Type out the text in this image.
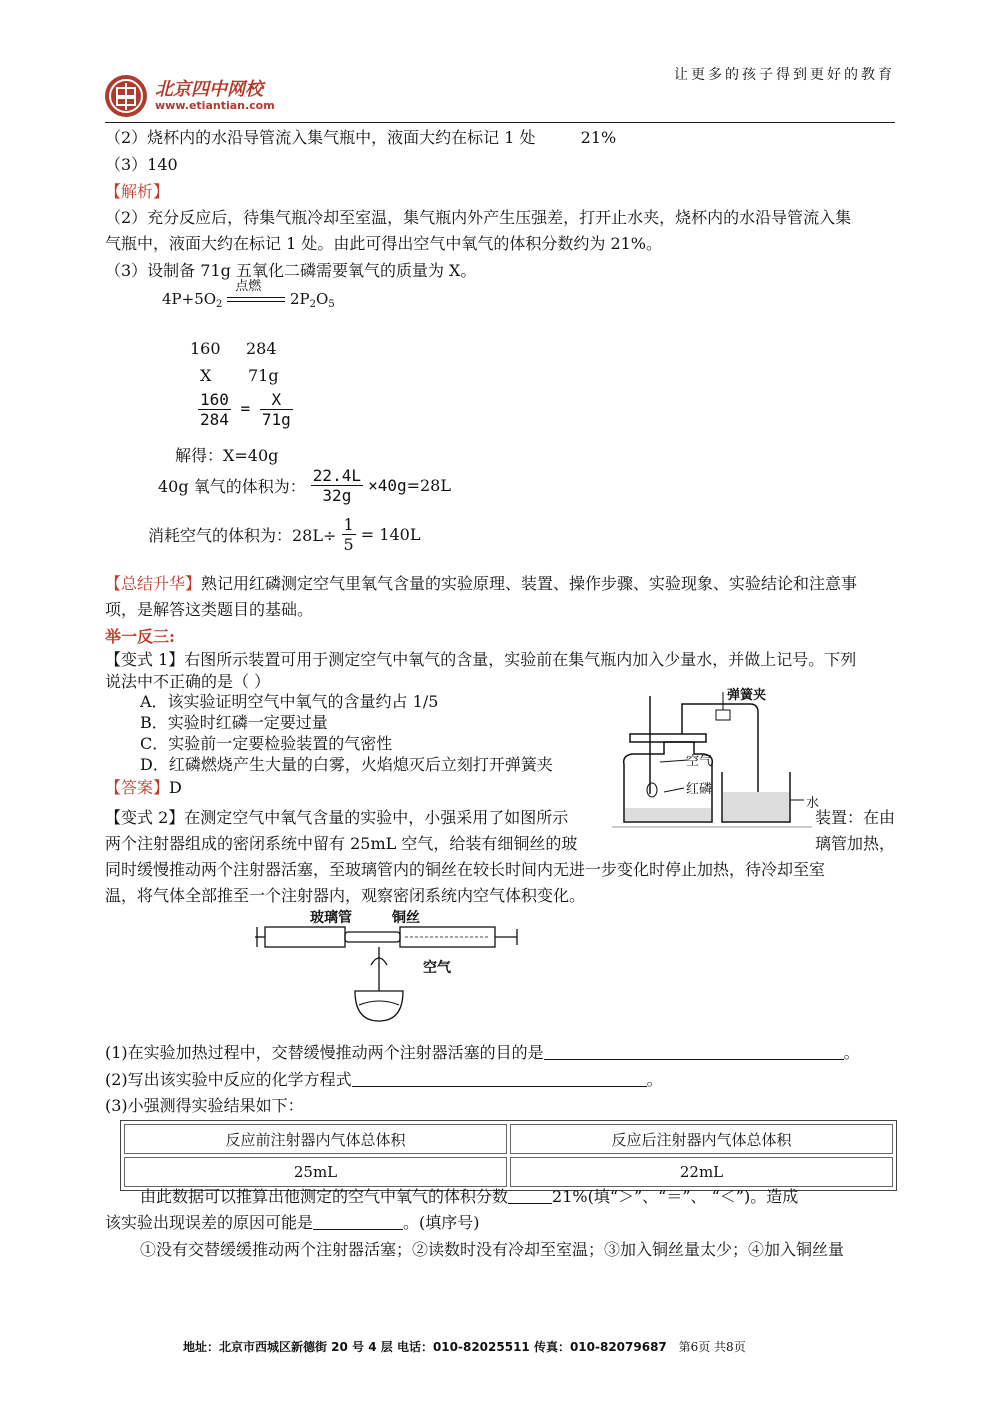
北京四中网校
www.etiantian.com
让更多的孩子得到更好的教育
（2）烧杯内的水沿导管流入集气瓶中，液面大约在标记 1 处	21%
（3）140
【解析】
（2）充分反应后，待集气瓶冷却至室温，集气瓶内外产生压强差，打开止水夹，烧杯内的水沿导管流入集
气瓶中，液面大约在标记 1 处。由此可得出空气中氧气的体积分数约为 21%。
（3）设制备 71g 五氧化二磷需要氧气的质量为 X。
$4P+5O_2$
点燃
$2P_2O_5$
160 284
X 71g
$\frac{160}{284} = \frac{X}{71g}$
解得：X=40g
40g 氧气的体积为： $\frac{22.4L}{32g} \times 40g=28L$
消耗空气的体积为：$28L\div \frac{1}{5} = 140L$
【总结升华】熟记用红磷测定空气里氧气含量的实验原理、装置、操作步骤、实验现象、实验结论和注意事
项，是解答这类题目的基础。
举一反三:
【变式 1】右图所示装置可用于测定空气中氧气的含量，实验前在集气瓶内加入少量水，并做上记号。下列
说法中不正确的是（ ）
A．该实验证明空气中氧气的含量约占 1/5
B．实验时红磷一定要过量
C．实验前一定要检验装置的气密性
D．红磷燃烧产生大量的白雾，火焰熄灭后立刻打开弹簧夹
【答案】D
弹簧夹
空气
红磷
水
【变式 2】在测定空气中氧气含量的实验中，小强采用了如图所示	装置：在由
两个注射器组成的密闭系统中留有 25mL 空气，给装有细铜丝的玻	璃管加热，
同时缓慢推动两个注射器活塞，至玻璃管内的铜丝在较长时间内无进一步变化时停止加热，待冷却至室
温，将气体全部推至一个注射器内，观察密闭系统内空气体积变化。
玻璃管	铜丝
空气
(1)在实验加热过程中，交替缓慢推动两个注射器活塞的目的是	。
(2)写出该实验中反应的化学方程式	。
(3)小强测得实验结果如下：
反应前注射器内气体总体积	反应后注射器内气体总体积
25mL	22mL
由此数据可以推算出他测定的空气中氧气的体积分数	21%(填“＞”、“＝”、 “＜”)。造成
该实验出现误差的原因可能是	。(填序号)
①没有交替缓缓推动两个注射器活塞；②读数时没有冷却至室温；③加入铜丝量太少；④加入铜丝量
地址：北京市西城区新德街 20 号 4 层 电话：010-82025511 传真：010-82079687 第6页 共8页
